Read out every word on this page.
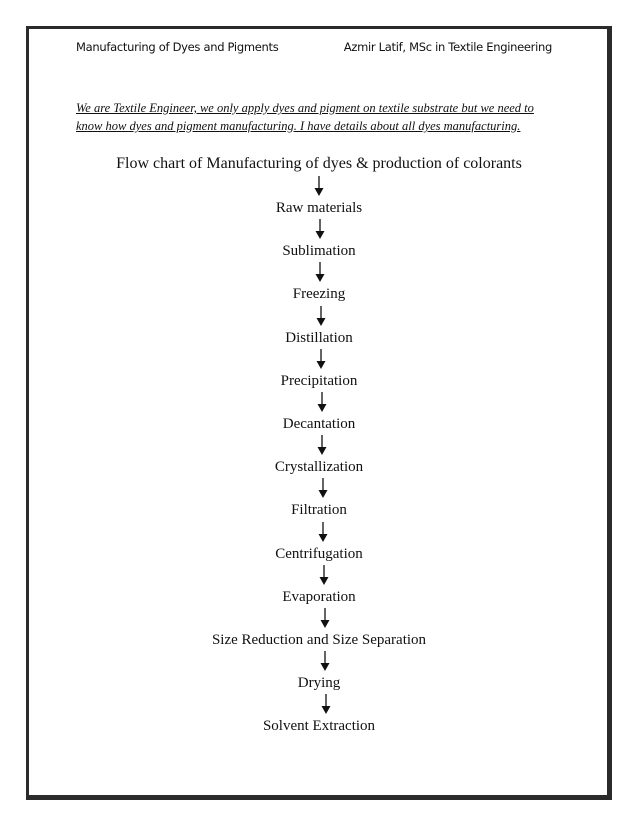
Manufacturing of Dyes and Pigments	Azmir Latif, MSc in Textile Engineering

We are Textile Engineer, we only apply dyes and pigment on textile substrate but we need to

know how dyes and pigment manufacturing. I have details about all dyes manufacturing.

Flow chart of Manufacturing of dyes & production of colorants
Raw materials
Sublimation
Freezing
Distillation
Precipitation
Decantation
Crystallization
Filtration
Centrifugation
Evaporation
Size Reduction and Size Separation
Drying
Solvent Extraction
